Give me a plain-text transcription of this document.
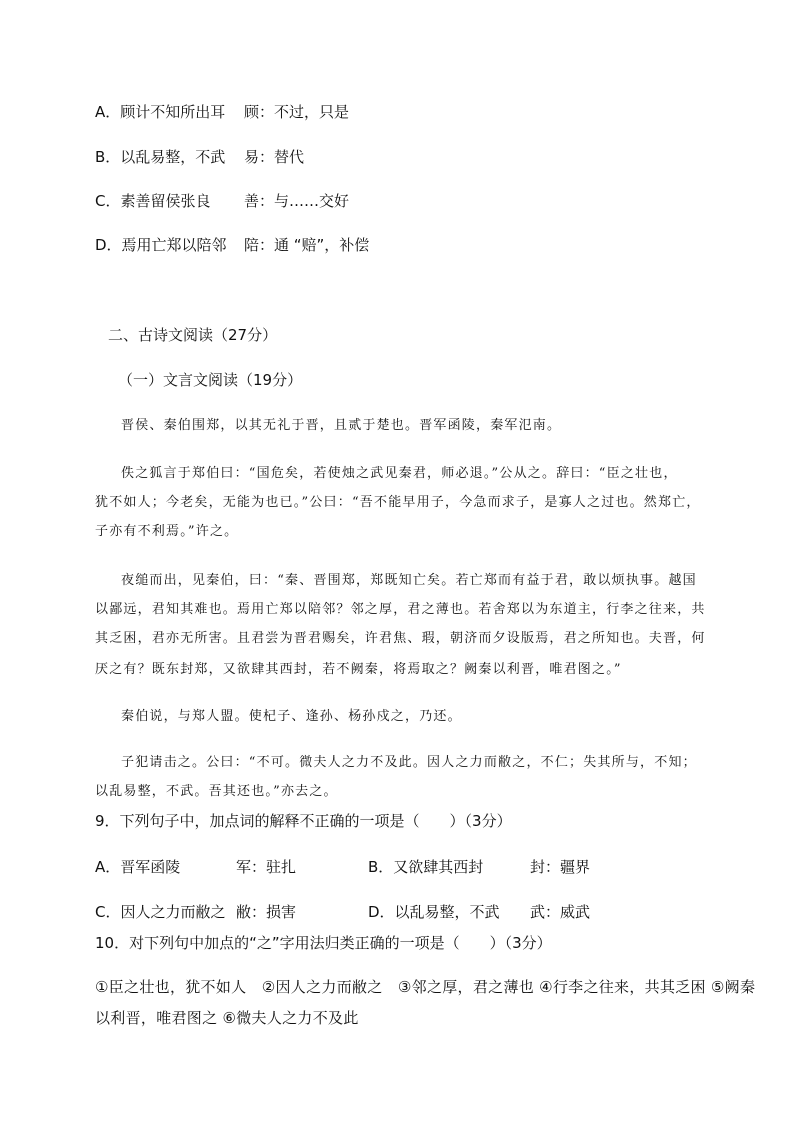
A．顾计不知所出耳 顾：不过，只是
B．以乱易整，不武 易：替代
C．素善留侯张良 善：与……交好
D．焉用亡郑以陪邻 陪：通 “赔”，补偿
二、古诗文阅读（27分）
（一）文言文阅读（19分）
晋侯、秦伯围郑，以其无礼于晋，且贰于楚也。晋军函陵，秦军氾南。
佚之狐言于郑伯曰：“国危矣，若使烛之武见秦君，师必退。”公从之。辞曰：“臣之壮也，
犹不如人；今老矣，无能为也已。”公曰：“吾不能早用子，今急而求子，是寡人之过也。然郑亡，
子亦有不利焉。”许之。
夜缒而出，见秦伯，曰：“秦、晋围郑，郑既知亡矣。若亡郑而有益于君，敢以烦执事。越国
以鄙远，君知其难也。焉用亡郑以陪邻？邻之厚，君之薄也。若舍郑以为东道主，行李之往来，共
其乏困，君亦无所害。且君尝为晋君赐矣，许君焦、瑕，朝济而夕设版焉，君之所知也。夫晋，何
厌之有？既东封郑，又欲肆其西封，若不阙秦，将焉取之？阙秦以利晋，唯君图之。”
秦伯说，与郑人盟。使杞子、逢孙、杨孙戍之，乃还。
子犯请击之。公曰：“不可。微夫人之力不及此。因人之力而敝之，不仁；失其所与，不知；
以乱易整，不武。吾其还也。”亦去之。
9．下列句子中，加点词的解释不正确的一项是（　　）（3分）
A．晋军函陵	军：驻扎	B．又欲肆其西封	封：疆界
C．因人之力而敝之 敝：损害	D．以乱易整，不武 武：威武
10．对下列句中加点的“之”字用法归类正确的一项是（　　）（3分）
①臣之壮也，犹不如人　②因人之力而敝之　③邻之厚，君之薄也 ④行李之往来，共其乏困 ⑤阙秦
以利晋，唯君图之 ⑥微夫人之力不及此
